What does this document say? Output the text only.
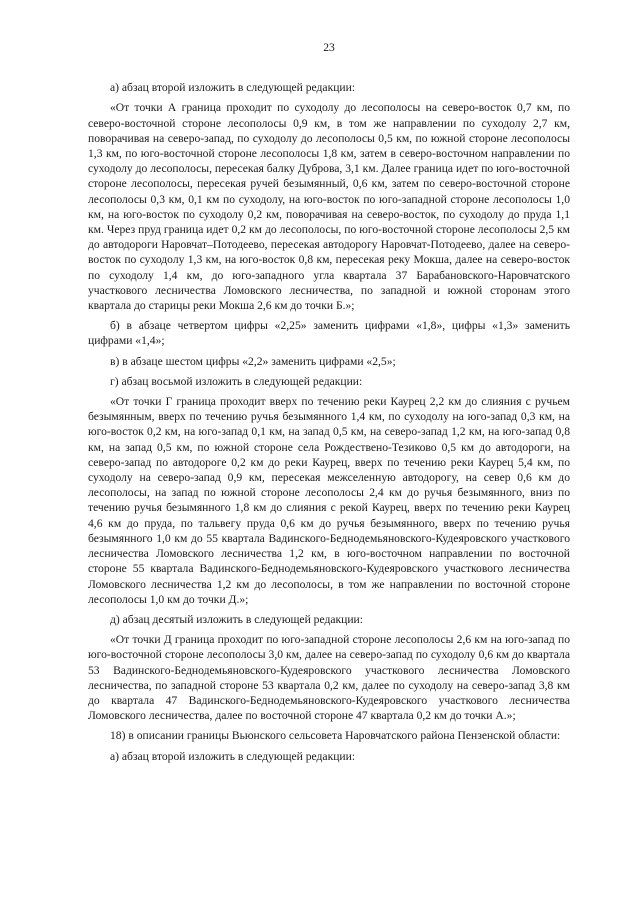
23

а) абзац второй изложить в следующей редакции:

«От точки А граница проходит по суходолу до лесополосы на северо-восток 0,7 км, по северо-восточной стороне лесополосы 0,9 км, в том же направлении по суходолу 2,7 км, поворачивая на северо-запад, по суходолу до лесополосы 0,5 км, по южной стороне лесополосы 1,3 км, по юго-восточной стороне лесополосы 1,8 км, затем в северо-восточном направлении по суходолу до лесополосы, пересекая балку Дуброва, 3,1 км. Далее граница идет по юго-восточной стороне лесополосы, пересекая ручей безымянный, 0,6 км, затем по северо-восточной стороне лесополосы 0,3 км, 0,1 км по суходолу, на юго-восток по юго-западной стороне лесополосы 1,0 км, на юго-восток по суходолу 0,2 км, поворачивая на северо-восток, по суходолу до пруда 1,1 км. Через пруд граница идет 0,2 км до лесополосы, по юго-восточной стороне лесополосы 2,5 км до автодороги Наровчат–Потодеево, пересекая автодорогу Наровчат-Потодеево, далее на северо-восток по суходолу 1,3 км, на юго-восток 0,8 км, пересекая реку Мокша, далее на северо-восток по суходолу 1,4 км, до юго-западного угла квартала 37 Барабановского-Наровчатского участкового лесничества Ломовского лесничества, по западной и южной сторонам этого квартала до старицы реки Мокша 2,6 км до точки Б.»;

б) в абзаце четвертом цифры «2,25» заменить цифрами «1,8», цифры «1,3» заменить цифрами «1,4»;

в) в абзаце шестом цифры «2,2» заменить цифрами «2,5»;

г) абзац восьмой изложить в следующей редакции:

«От точки Г граница проходит вверх по течению реки Каурец 2,2 км до слияния с ручьем безымянным, вверх по течению ручья безымянного 1,4 км, по суходолу на юго-запад 0,3 км, на юго-восток 0,2 км, на юго-запад 0,1 км, на запад 0,5 км, на северо-запад 1,2 км, на юго-запад 0,8 км, на запад 0,5 км, по южной стороне села Рождествено-Тезиково 0,5 км до автодороги, на северо-запад по автодороге 0,2 км до реки Каурец, вверх по течению реки Каурец 5,4 км, по суходолу на северо-запад 0,9 км, пересекая межселенную автодорогу, на север 0,6 км до лесополосы, на запад по южной стороне лесополосы 2,4 км до ручья безымянного, вниз по течению ручья безымянного 1,8 км до слияния с рекой Каурец, вверх по течению реки Каурец 4,6 км до пруда, по тальвегу пруда 0,6 км до ручья безымянного, вверх по течению ручья безымянного 1,0 км до 55 квартала Вадинского-Беднодемьяновского-Кудеяровского участкового лесничества Ломовского лесничества 1,2 км, в юго-восточном направлении по восточной стороне 55 квартала Вадинского-Беднодемьяновского-Кудеяровского участкового лесничества Ломовского лесничества 1,2 км до лесополосы, в том же направлении по восточной стороне лесополосы 1,0 км до точки Д.»;

д) абзац десятый изложить в следующей редакции:

«От точки Д граница проходит по юго-западной стороне лесополосы 2,6 км на юго-запад по юго-восточной стороне лесополосы 3,0 км, далее на северо-запад по суходолу 0,6 км до квартала 53 Вадинского-Беднодемьяновского-Кудеяровского участкового лесничества Ломовского лесничества, по западной стороне 53 квартала 0,2 км, далее по суходолу на северо-запад 3,8 км до квартала 47 Вадинского-Беднодемьяновского-Кудеяровского участкового лесничества Ломовского лесничества, далее по восточной стороне 47 квартала 0,2 км до точки А.»;

18) в описании границы Вьюнского сельсовета Наровчатского района Пензенской области:

а) абзац второй изложить в следующей редакции:
